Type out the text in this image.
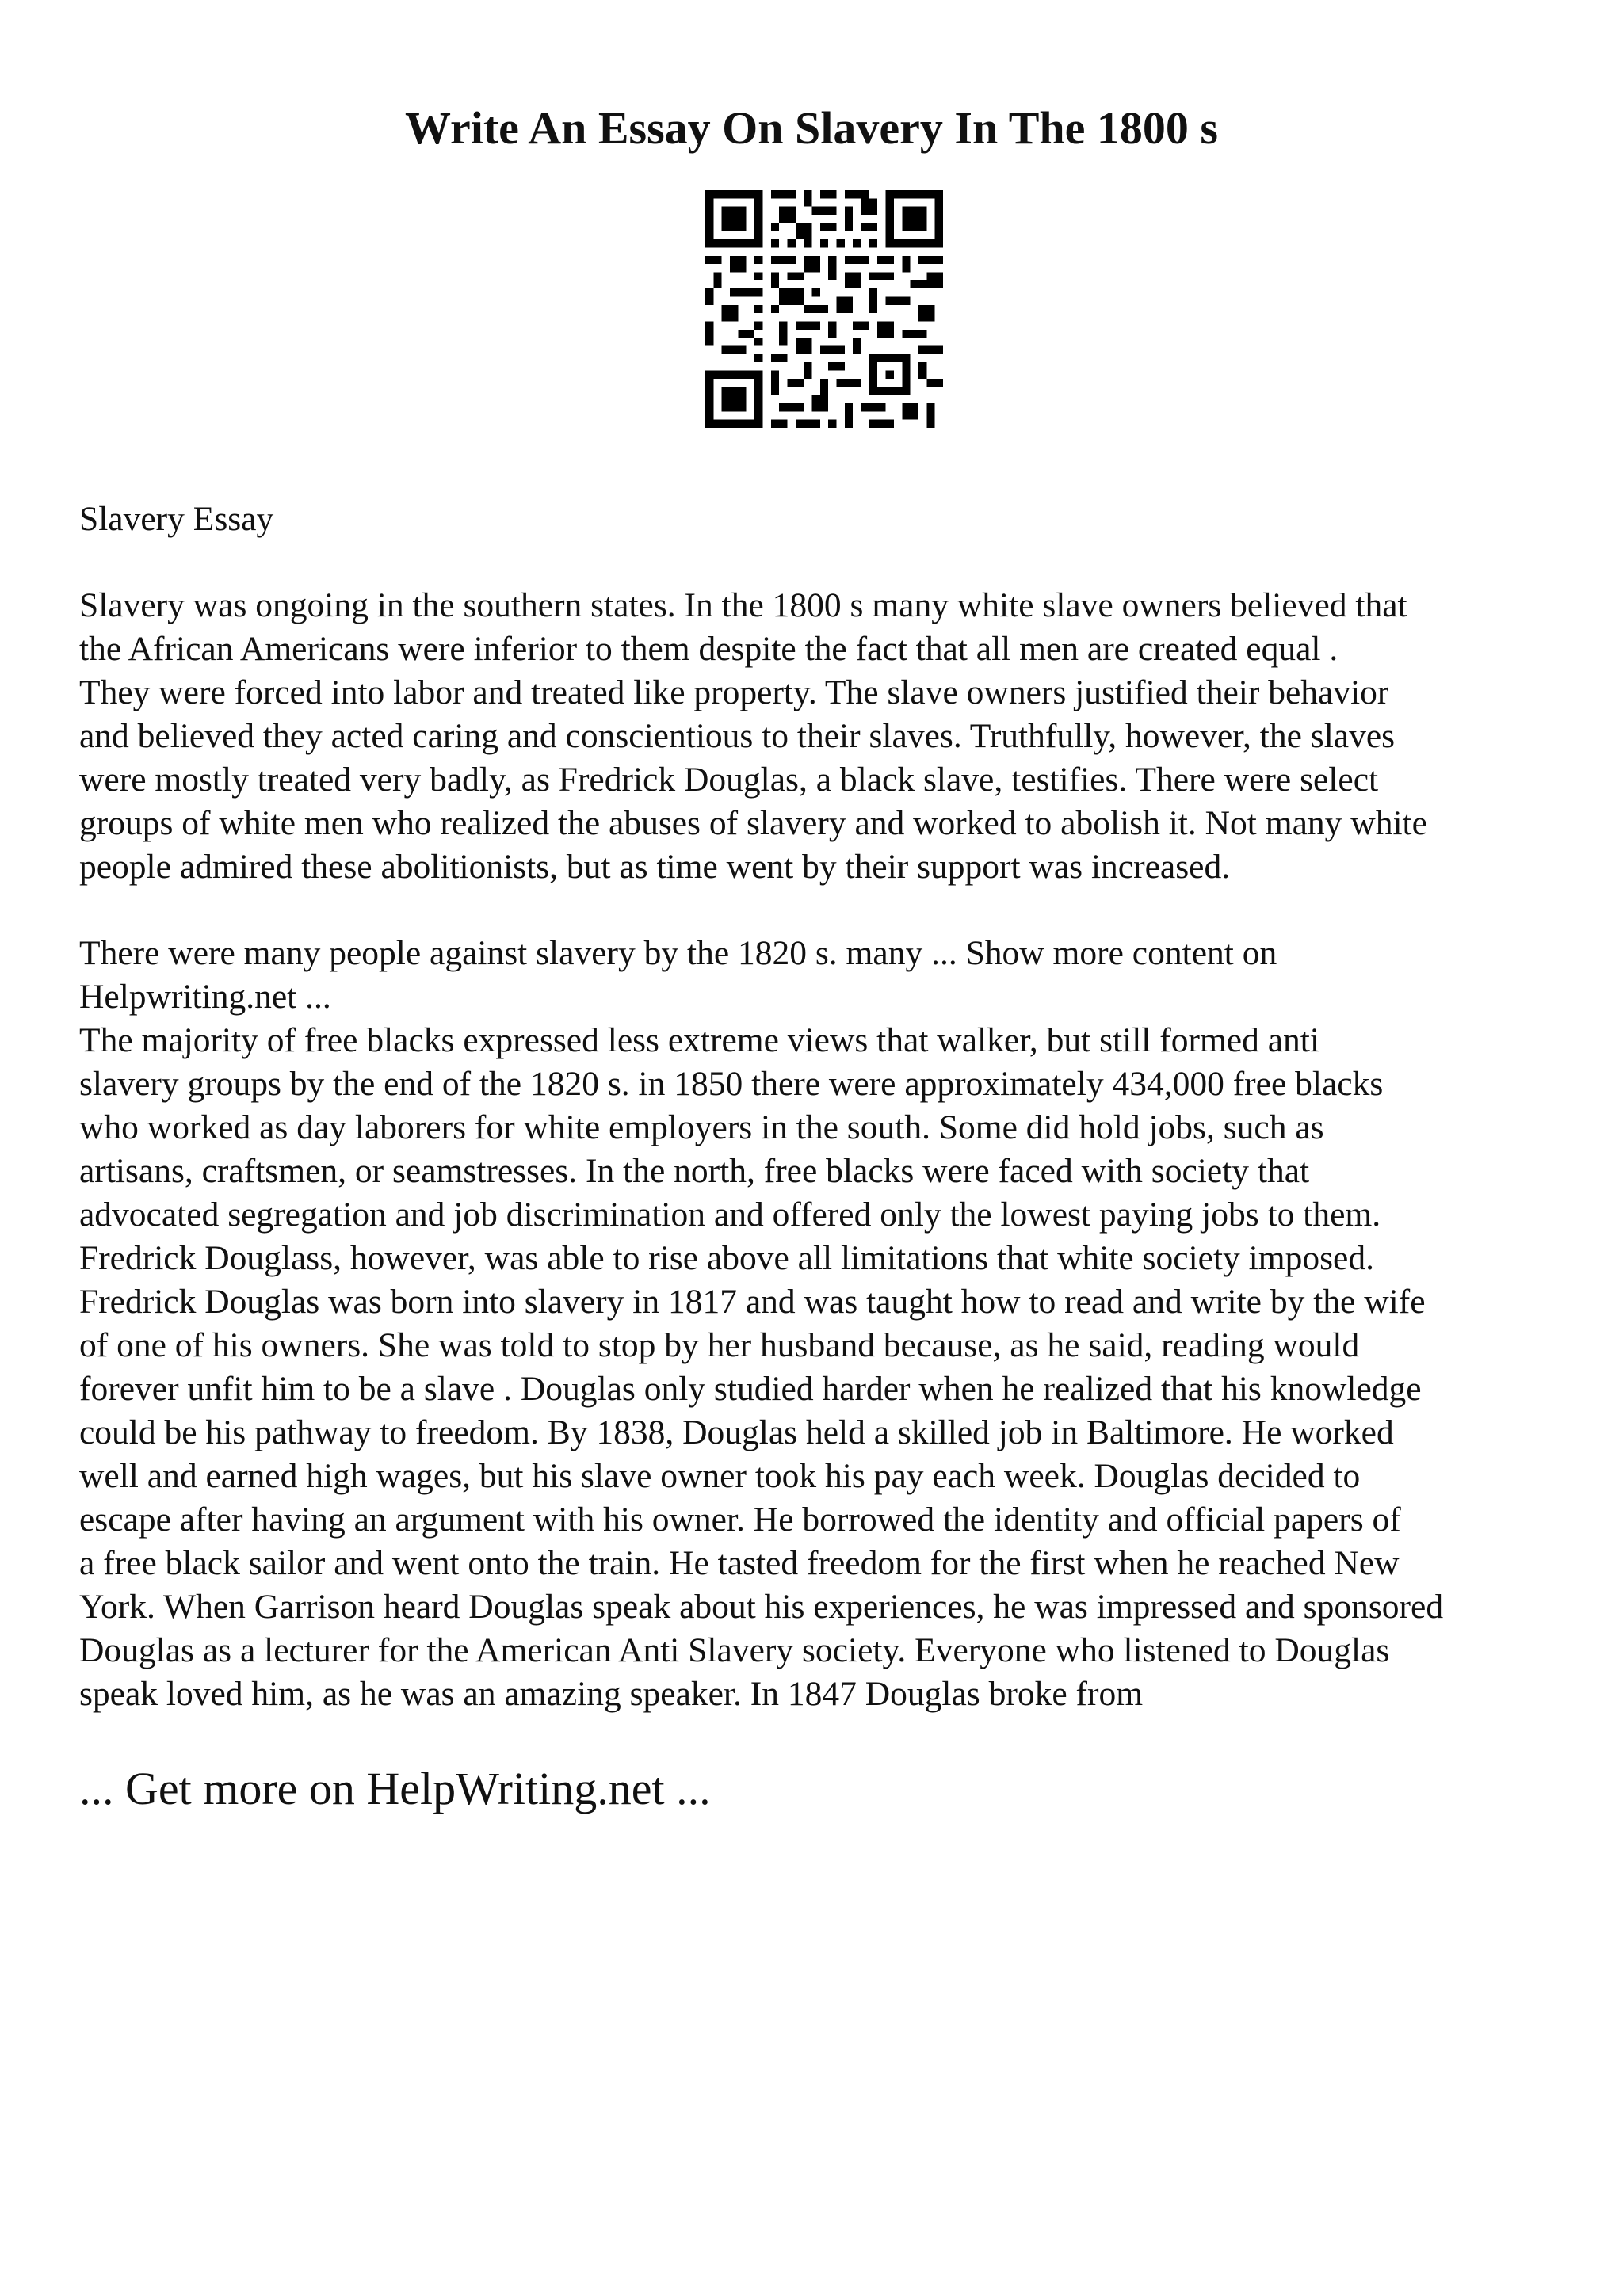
Write An Essay On Slavery In The 1800 s

Slavery Essay

Slavery was ongoing in the southern states. In the 1800 s many white slave owners believed that
the African Americans were inferior to them despite the fact that all men are created equal .
They were forced into labor and treated like property. The slave owners justified their behavior
and believed they acted caring and conscientious to their slaves. Truthfully, however, the slaves
were mostly treated very badly, as Fredrick Douglas, a black slave, testifies. There were select
groups of white men who realized the abuses of slavery and worked to abolish it. Not many white
people admired these abolitionists, but as time went by their support was increased.

There were many people against slavery by the 1820 s. many ... Show more content on
Helpwriting.net ...

The majority of free blacks expressed less extreme views that walker, but still formed anti
slavery groups by the end of the 1820 s. in 1850 there were approximately 434,000 free blacks
who worked as day laborers for white employers in the south. Some did hold jobs, such as
artisans, craftsmen, or seamstresses. In the north, free blacks were faced with society that
advocated segregation and job discrimination and offered only the lowest paying jobs to them.
Fredrick Douglass, however, was able to rise above all limitations that white society imposed.
Fredrick Douglas was born into slavery in 1817 and was taught how to read and write by the wife
of one of his owners. She was told to stop by her husband because, as he said, reading would
forever unfit him to be a slave . Douglas only studied harder when he realized that his knowledge
could be his pathway to freedom. By 1838, Douglas held a skilled job in Baltimore. He worked
well and earned high wages, but his slave owner took his pay each week. Douglas decided to
escape after having an argument with his owner. He borrowed the identity and official papers of
a free black sailor and went onto the train. He tasted freedom for the first when he reached New
York. When Garrison heard Douglas speak about his experiences, he was impressed and sponsored
Douglas as a lecturer for the American Anti Slavery society. Everyone who listened to Douglas
speak loved him, as he was an amazing speaker. In 1847 Douglas broke from

... Get more on HelpWriting.net ...
